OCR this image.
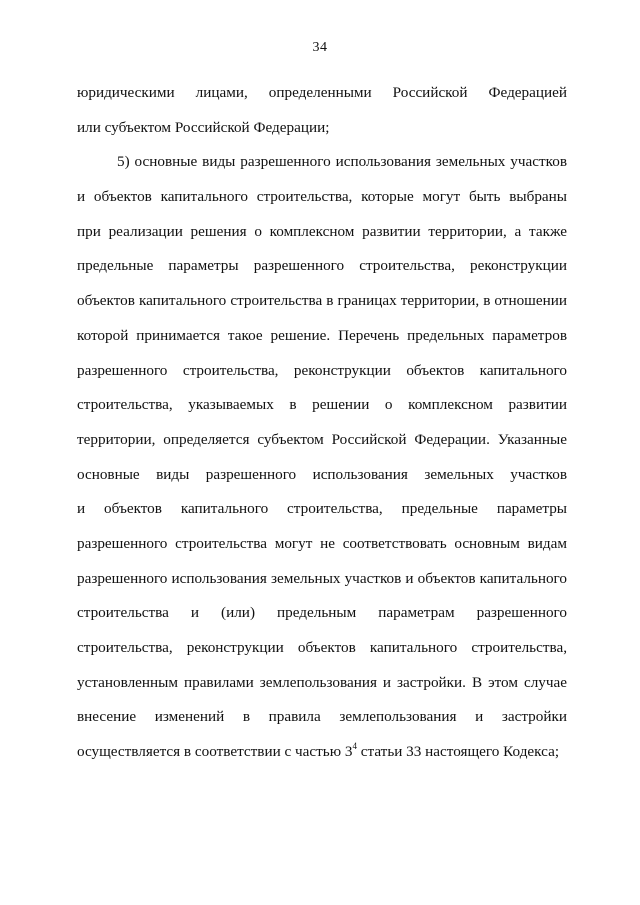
34
юридическими лицами, определенными Российской Федерацией
или субъектом Российской Федерации;
5) основные виды разрешенного использования земельных участков
и объектов капитального строительства, которые могут быть выбраны
при реализации решения о комплексном развитии территории, а также
предельные параметры разрешенного строительства, реконструкции
объектов капитального строительства в границах территории, в отношении
которой принимается такое решение. Перечень предельных параметров
разрешенного строительства, реконструкции объектов капитального
строительства, указываемых в решении о комплексном развитии
территории, определяется субъектом Российской Федерации. Указанные
основные виды разрешенного использования земельных участков
и объектов капитального строительства, предельные параметры
разрешенного строительства могут не соответствовать основным видам
разрешенного использования земельных участков и объектов капитального
строительства и (или) предельным параметрам разрешенного
строительства, реконструкции объектов капитального строительства,
установленным правилами землепользования и застройки. В этом случае
внесение изменений в правила землепользования и застройки
осуществляется в соответствии с частью $3^4$ статьи 33 настоящего Кодекса;
